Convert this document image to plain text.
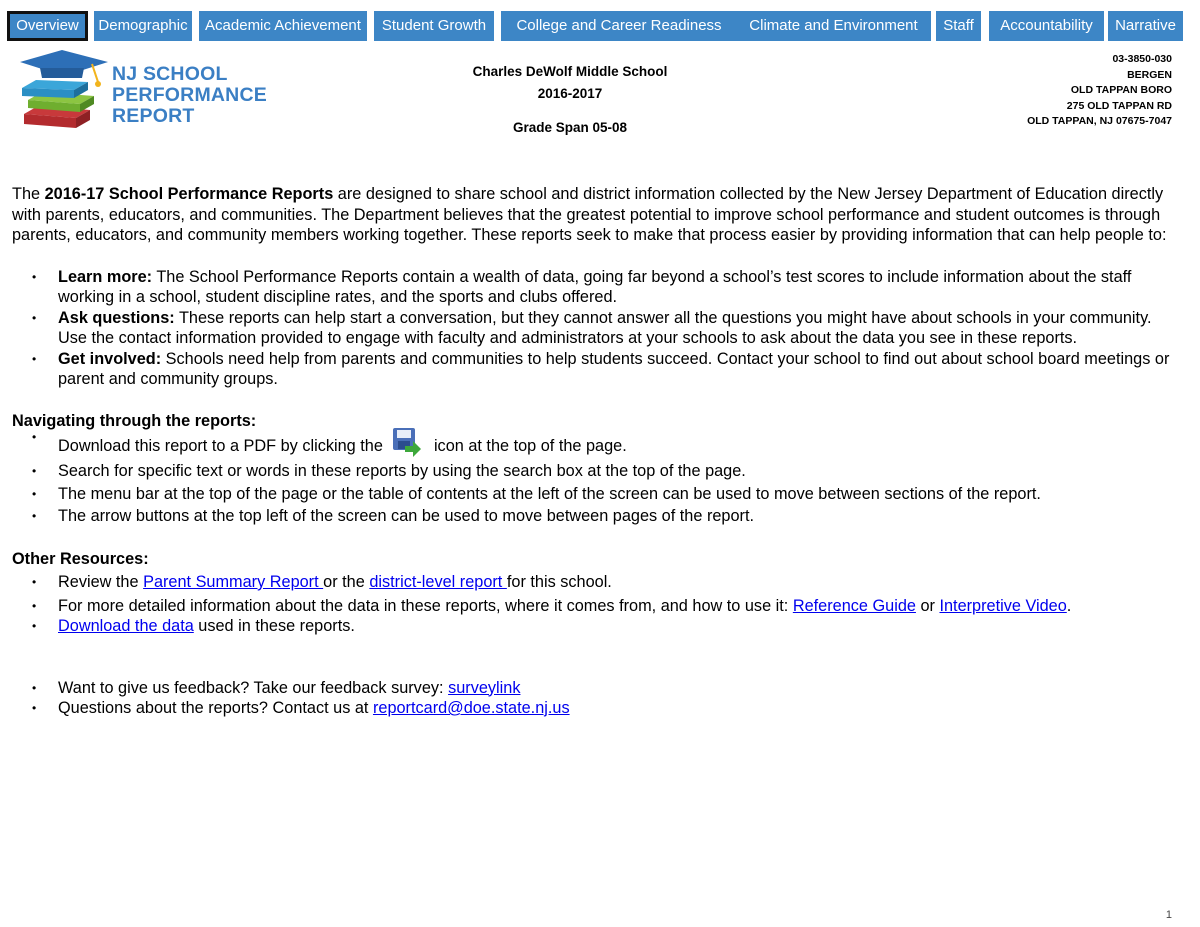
Overview	Demographic	Academic Achievement	Student Growth	College and Career Readiness	Climate and Environment	Staff	Accountability	Narrative
NJ SCHOOL
PERFORMANCE
REPORT
Charles DeWolf Middle School
2016-2017
Grade Span 05-08
03-3850-030
BERGEN
OLD TAPPAN BORO
275 OLD TAPPAN RD
OLD TAPPAN, NJ 07675-7047

The 2016-17 School Performance Reports are designed to share school and district information collected by the New Jersey Department of Education directly with parents, educators, and communities. The Department believes that the greatest potential to improve school performance and student outcomes is through parents, educators, and community members working together. These reports seek to make that process easier by providing information that can help people to:

• Learn more: The School Performance Reports contain a wealth of data, going far beyond a school’s test scores to include information about the staff working in a school, student discipline rates, and the sports and clubs offered.
• Ask questions: These reports can help start a conversation, but they cannot answer all the questions you might have about schools in your community. Use the contact information provided to engage with faculty and administrators at your schools to ask about the data you see in these reports.
• Get involved: Schools need help from parents and communities to help students succeed. Contact your school to find out about school board meetings or parent and community groups.

Navigating through the reports:

• Download this report to a PDF by clicking the	icon at the top of the page.
• Search for specific text or words in these reports by using the search box at the top of the page.
• The menu bar at the top of the page or the table of contents at the left of the screen can be used to move between sections of the report.
• The arrow buttons at the top left of the screen can be used to move between pages of the report.

Other Resources:

• Review the Parent Summary Report or the district-level report for this school.
• For more detailed information about the data in these reports, where it comes from, and how to use it: Reference Guide or Interpretive Video.
• Download the data used in these reports.
• Want to give us feedback? Take our feedback survey: surveylink
• Questions about the reports? Contact us at reportcard@doe.state.nj.us
1
